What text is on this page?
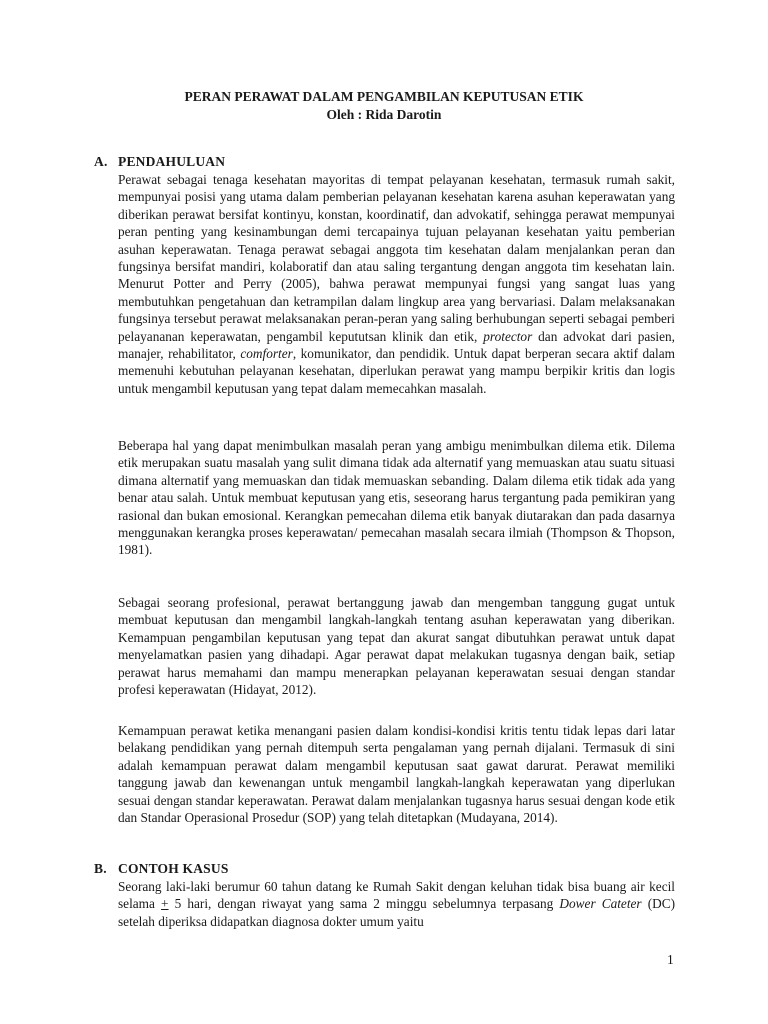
PERAN PERAWAT DALAM PENGAMBILAN KEPUTUSAN ETIK
Oleh : Rida Darotin
A. PENDAHULUAN

Perawat sebagai tenaga kesehatan mayoritas di tempat pelayanan kesehatan, termasuk rumah sakit, mempunyai posisi yang utama dalam pemberian pelayanan kesehatan karena asuhan keperawatan yang diberikan perawat bersifat kontinyu, konstan, koordinatif, dan advokatif, sehingga perawat mempunyai peran penting yang kesinambungan demi tercapainya tujuan pelayanan kesehatan yaitu pemberian asuhan keperawatan. Tenaga perawat sebagai anggota tim kesehatan dalam menjalankan peran dan fungsinya bersifat mandiri, kolaboratif dan atau saling tergantung dengan anggota tim kesehatan lain. Menurut Potter and Perry (2005), bahwa perawat mempunyai fungsi yang sangat luas yang membutuhkan pengetahuan dan ketrampilan dalam lingkup area yang bervariasi. Dalam melaksanakan fungsinya tersebut perawat melaksanakan peran-peran yang saling berhubungan seperti sebagai pemberi pelayananan keperawatan, pengambil kepututsan klinik dan etik, protector dan advokat dari pasien, manajer, rehabilitator, comforter, komunikator, dan pendidik. Untuk dapat berperan secara aktif dalam memenuhi kebutuhan pelayanan kesehatan, diperlukan perawat yang mampu berpikir kritis dan logis untuk mengambil keputusan yang tepat dalam memecahkan masalah.

Beberapa hal yang dapat menimbulkan masalah peran yang ambigu menimbulkan dilema etik. Dilema etik merupakan suatu masalah yang sulit dimana tidak ada alternatif yang memuaskan atau suatu situasi dimana alternatif yang memuaskan dan tidak memuaskan sebanding. Dalam dilema etik tidak ada yang benar atau salah. Untuk membuat keputusan yang etis, seseorang harus tergantung pada pemikiran yang rasional dan bukan emosional. Kerangkan pemecahan dilema etik banyak diutarakan dan pada dasarnya menggunakan kerangka proses keperawatan/ pemecahan masalah secara ilmiah (Thompson & Thopson, 1981).

Sebagai seorang profesional, perawat bertanggung jawab dan mengemban tanggung gugat untuk membuat keputusan dan mengambil langkah-langkah tentang asuhan keperawatan yang diberikan. Kemampuan pengambilan keputusan yang tepat dan akurat sangat dibutuhkan perawat untuk dapat menyelamatkan pasien yang dihadapi. Agar perawat dapat melakukan tugasnya dengan baik, setiap perawat harus memahami dan mampu menerapkan pelayanan keperawatan sesuai dengan standar profesi keperawatan (Hidayat, 2012).

Kemampuan perawat ketika menangani pasien dalam kondisi-kondisi kritis tentu tidak lepas dari latar belakang pendidikan yang pernah ditempuh serta pengalaman yang pernah dijalani. Termasuk di sini adalah kemampuan perawat dalam mengambil keputusan saat gawat darurat. Perawat memiliki tanggung jawab dan kewenangan untuk mengambil langkah-langkah keperawatan yang diperlukan sesuai dengan standar keperawatan. Perawat dalam menjalankan tugasnya harus sesuai dengan kode etik dan Standar Operasional Prosedur (SOP) yang telah ditetapkan (Mudayana, 2014).

B. CONTOH KASUS

Seorang laki-laki berumur 60 tahun datang ke Rumah Sakit dengan keluhan tidak bisa buang air kecil selama + 5 hari, dengan riwayat yang sama 2 minggu sebelumnya terpasang Dower Cateter (DC) setelah diperiksa didapatkan diagnosa dokter umum yaitu

1
